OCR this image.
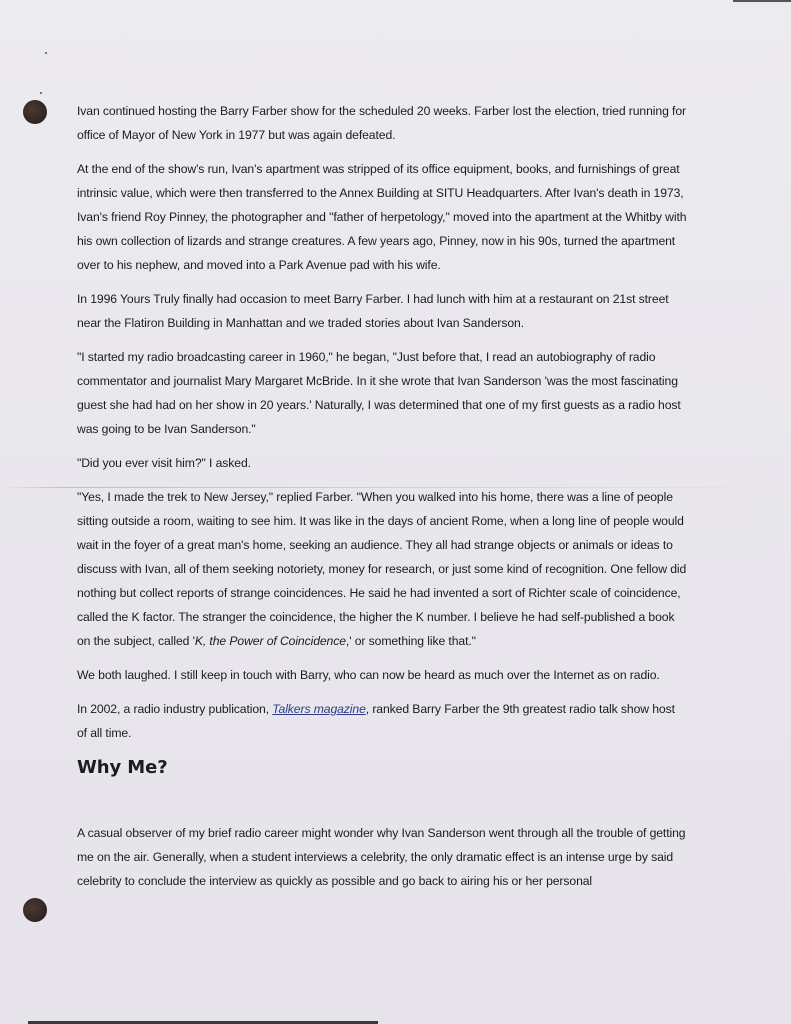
Ivan continued hosting the Barry Farber show for the scheduled 20 weeks. Farber lost the election, tried running for office of Mayor of New York in 1977 but was again defeated.

At the end of the show's run, Ivan's apartment was stripped of its office equipment, books, and furnishings of great intrinsic value, which were then transferred to the Annex Building at SITU Headquarters. After Ivan's death in 1973, Ivan's friend Roy Pinney, the photographer and "father of herpetology," moved into the apartment at the Whitby with his own collection of lizards and strange creatures. A few years ago, Pinney, now in his 90s, turned the apartment over to his nephew, and moved into a Park Avenue pad with his wife.

In 1996 Yours Truly finally had occasion to meet Barry Farber. I had lunch with him at a restaurant on 21st street near the Flatiron Building in Manhattan and we traded stories about Ivan Sanderson.

"I started my radio broadcasting career in 1960," he began, "Just before that, I read an autobiography of radio commentator and journalist Mary Margaret McBride. In it she wrote that Ivan Sanderson 'was the most fascinating guest she had had on her show in 20 years.' Naturally, I was determined that one of my first guests as a radio host was going to be Ivan Sanderson."

"Did you ever visit him?" I asked.

"Yes, I made the trek to New Jersey," replied Farber. "When you walked into his home, there was a line of people sitting outside a room, waiting to see him. It was like in the days of ancient Rome, when a long line of people would wait in the foyer of a great man's home, seeking an audience. They all had strange objects or animals or ideas to discuss with Ivan, all of them seeking notoriety, money for research, or just some kind of recognition. One fellow did nothing but collect reports of strange coincidences. He said he had invented a sort of Richter scale of coincidence, called the K factor. The stranger the coincidence, the higher the K number. I believe he had self-published a book on the subject, called 'K, the Power of Coincidence,' or something like that."

We both laughed. I still keep in touch with Barry, who can now be heard as much over the Internet as on radio.

In 2002, a radio industry publication, Talkers magazine, ranked Barry Farber the 9th greatest radio talk show host of all time.

Why Me?

A casual observer of my brief radio career might wonder why Ivan Sanderson went through all the trouble of getting me on the air. Generally, when a student interviews a celebrity, the only dramatic effect is an intense urge by said celebrity to conclude the interview as quickly as possible and go back to airing his or her personal
